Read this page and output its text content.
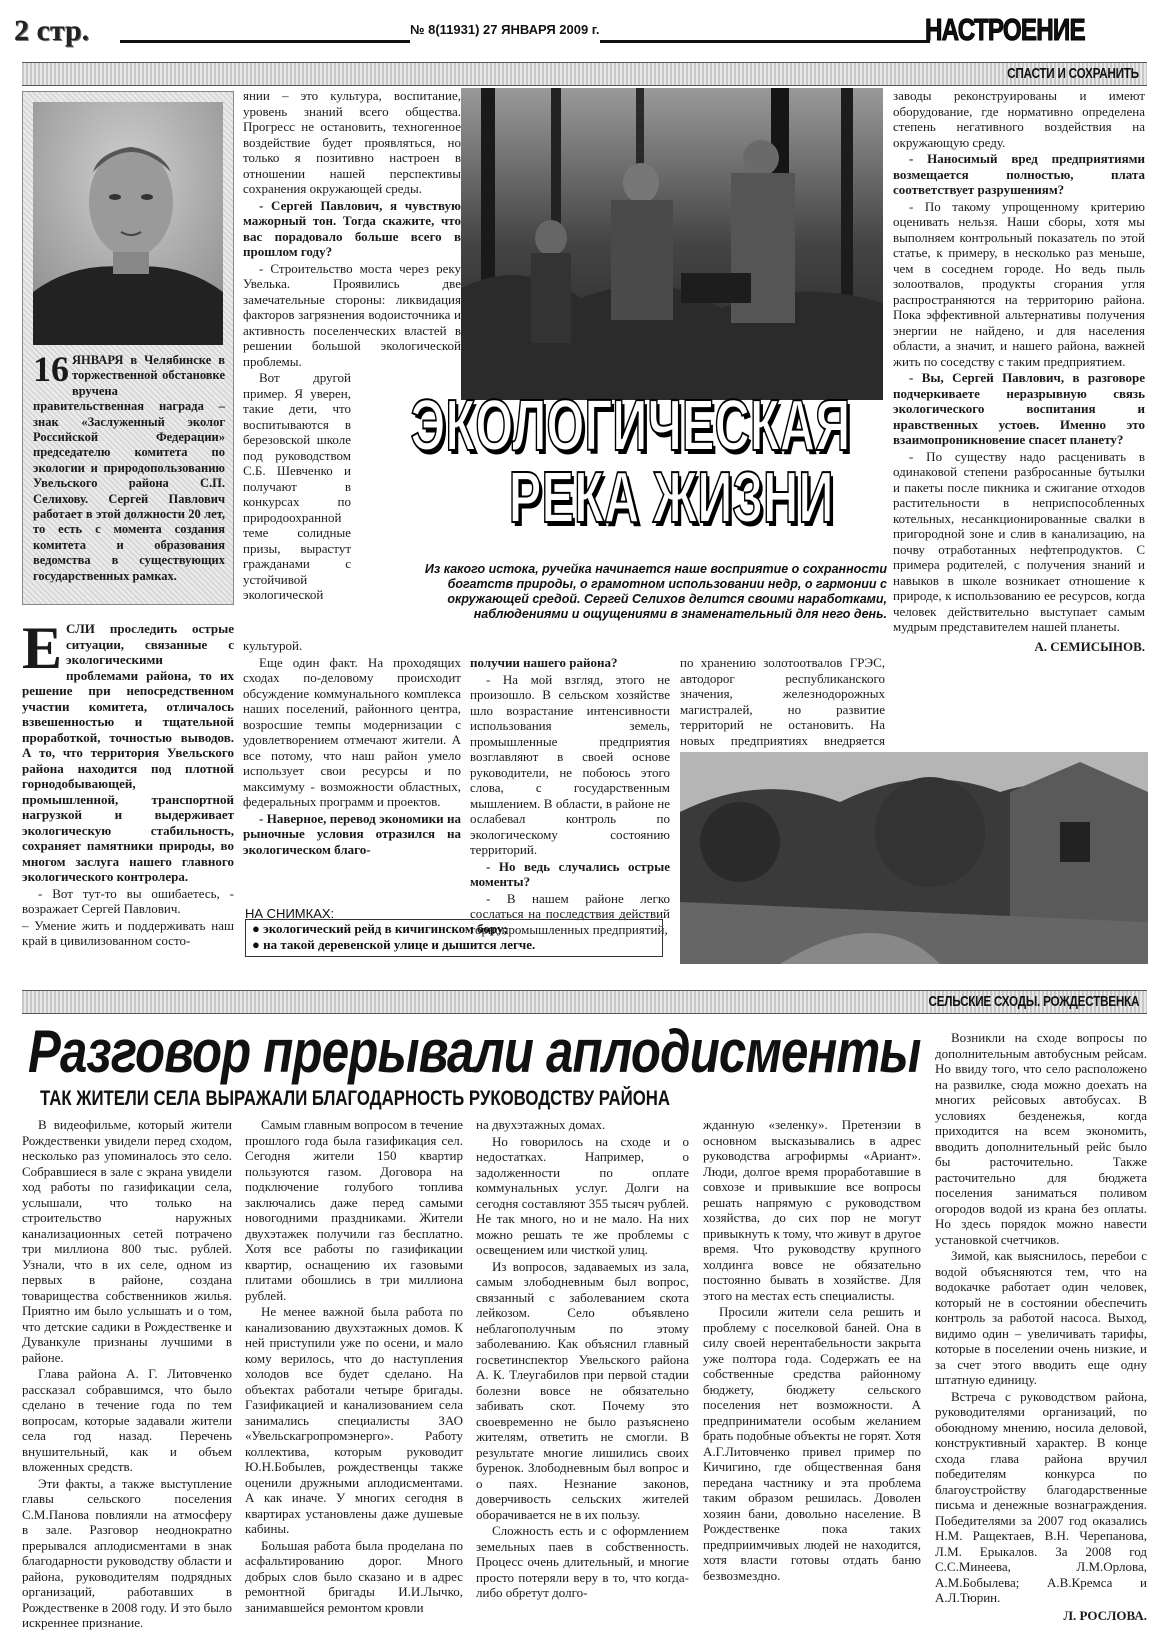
2 стр.	№ 8(11931) 27 ЯНВАРЯ 2009 г.	НАСТРОЕНИЕ
СПАСТИ И СОХРАНИТЬ
16 ЯНВАРЯ в Челябинске в торжественной обстановке вручена правительственная награда – знак «Заслуженный эколог Российской Федерации» председателю комитета по экологии и природопользованию Увельского района С.П. Селихову. Сергей Павлович работает в этой должности 20 лет, то есть с момента создания комитета и образования ведомства в существующих государственных рамках.

ЕСЛИ проследить острые ситуации, связанные с экологическими проблемами района, то их решение при непосредственном участии комитета, отличалось взвешенностью и тщательной проработкой, точностью выводов. А то, что территория Увельского района находится под плотной горнодобывающей, промышленной, транспортной нагрузкой и выдерживает экологическую стабильность, сохраняет памятники природы, во многом заслуга нашего главного экологического контролера.

- Вот тут-то вы ошибаетесь, - возражает Сергей Павлович.

– Умение жить и поддерживать наш край в цивилизованном состо-

янии – это культура, воспитание, уровень знаний всего общества. Прогресс не остановить, техногенное воздействие будет проявляться, но только я позитивно настроен в отношении нашей перспективы сохранения окружающей среды.

- Сергей Павлович, я чувствую мажорный тон. Тогда скажите, что вас порадовало больше всего в прошлом году?

- Строительство моста через реку Увелька. Проявились две замечательные стороны: ликвидация факторов загрязнения водоисточника и активность поселенческих властей в решении большой экологической проблемы.

Вот другой пример. Я уверен, такие дети, что воспитываются в березовской школе под руководством С.Б. Шевченко и получают в конкурсах по природоохранной теме солидные призы, вырастут гражданами с устойчивой экологической

ЭКОЛОГИЧЕСКАЯ
РЕКА ЖИЗНИ
Из какого истока, ручейка начинается наше восприятие о сохранности богатств природы, о грамотном использовании недр, о гармонии с окружающей средой. Сергей Селихов делится своими наработками, наблюдениями и ощущениями в знаменательный для него день.

культурой.

Еще один факт. На проходящих сходах по-деловому происходит обсуждение коммунального комплекса наших поселений, районного центра, возросшие темпы модернизации с удовлетворением отмечают жители. А все потому, что наш район умело использует свои ресурсы и по максимуму - возможности областных, федеральных программ и проектов.

- Наверное, перевод экономики на рыночные условия отразился на экологическом благо-

получии нашего района?

- На мой взгляд, этого не произошло. В сельском хозяйстве шло возрастание интенсивности использования земель, промышленные предприятия возглавляют в своей основе руководители, не побоюсь этого слова, с государственным мышлением. В области, в районе не ослабевал контроль по экологическому состоянию территорий.

- Но ведь случались острые моменты?

- В нашем районе легко сослаться на последствия действий горнопромышленных предприятий,

по хранению золотоотвалов ГРЭС, автодорог республиканского значения, железнодорожных магистралей, но развитие территорий не остановить. На новых предприятиях внедряется

заводы реконструированы и имеют оборудование, где нормативно определена степень негативного воздействия на окружающую среду.

- Наносимый вред предприятиями возмещается полностью, плата соответствует разрушениям?

- По такому упрощенному критерию оценивать нельзя. Наши сборы, хотя мы выполняем контрольный показатель по этой статье, к примеру, в несколько раз меньше, чем в соседнем городе. Но ведь пыль золоотвалов, продукты сгорания угля распространяются на территорию района. Пока эффективной альтернативы получения энергии не найдено, и для населения области, а значит, и нашего района, важней жить по соседству с таким предприятием.

- Вы, Сергей Павлович, в разговоре подчеркиваете неразрывную связь экологического воспитания и нравственных устоев. Именно это взаимопроникновение спасет планету?

- По существу надо расценивать в одинаковой степени разбросанные бутылки и пакеты после пикника и сжигание отходов растительности в неприспособленных котельных, несанкционированные свалки в пригородной зоне и слив в канализацию, на почву отработанных нефтепродуктов. С примера родителей, с получения знаний и навыков в школе возникает отношение к природе, к использованию ее ресурсов, когда человек действительно выступает самым мудрым представителем нашей планеты.

А. СЕМИСЫНОВ.

НА СНИМКАХ:
● экологический рейд в кичигинском бору;
● на такой деревенской улице и дышится легче.
СЕЛЬСКИЕ СХОДЫ. РОЖДЕСТВЕНКА
Разговор прерывали аплодисменты
ТАК ЖИТЕЛИ СЕЛА ВЫРАЖАЛИ БЛАГОДАРНОСТЬ РУКОВОДСТВУ РАЙОНА

В видеофильме, который жители Рождественки увидели перед сходом, несколько раз упоминалось это село. Собравшиеся в зале с экрана увидели ход работы по газификации села, услышали, что только на строительство наружных канализационных сетей потрачено три миллиона 800 тыс. рублей. Узнали, что в их селе, одном из первых в районе, создана товарищества собственников жилья. Приятно им было услышать и о том, что детские садики в Рождественке и Дуванкуле признаны лучшими в районе.

Глава района А. Г. Литовченко рассказал собравшимся, что было сделано в течение года по тем вопросам, которые задавали жители села год назад. Перечень внушительный, как и объем вложенных средств.

Эти факты, а также выступление главы сельского поселения С.М.Панова повлияли на атмосферу в зале. Разговор неоднократно прерывался аплодисментами в знак благодарности руководству области и района, руководителям подрядных организаций, работавших в Рождественке в 2008 году. И это было искреннее признание.

Самым главным вопросом в течение прошлого года была газификация сел. Сегодня жители 150 квартир пользуются газом. Договора на подключение голубого топлива заключались даже перед самыми новогодними праздниками. Жители двухэтажек получили газ бесплатно. Хотя все работы по газификации квартир, оснащению их газовыми плитами обошлись в три миллиона рублей.

Не менее важной была работа по канализованию двухэтажных домов. К ней приступили уже по осени, и мало кому верилось, что до наступления холодов все будет сделано. На объектах работали четыре бригады. Газификацией и канализованием села занимались специалисты ЗАО «Увельскагропромэнерго». Работу коллектива, которым руководит Ю.Н.Бобылев, рождественцы также оценили дружными аплодисментами. А как иначе. У многих сегодня в квартирах установлены даже душевые кабины.

Большая работа была проделана по асфальтированию дорог. Много добрых слов было сказано и в адрес ремонтной бригады И.И.Лычко, занимавшейся ремонтом кровли

на двухэтажных домах.

Но говорилось на сходе и о недостатках. Например, о задолженности по оплате коммунальных услуг. Долги на сегодня составляют 355 тысяч рублей. Не так много, но и не мало. На них можно решать те же проблемы с освещением или чисткой улиц.

Из вопросов, задаваемых из зала, самым злободневным был вопрос, связанный с заболеванием скота лейкозом. Село объявлено неблагополучным по этому заболеванию. Как объяснил главный госветинспектор Увельского района А. К. Тлеугабилов при первой стадии болезни вовсе не обязательно забивать скот. Почему это своевременно не было разъяснено жителям, ответить не смогли. В результате многие лишились своих буренок. Злободневным был вопрос и о паях. Незнание законов, доверчивость сельских жителей оборачивается не в их пользу.

Сложность есть и с оформлением земельных паев в собственность. Процесс очень длительный, и многие просто потеряли веру в то, что когда-либо обретут долго-

жданную «зеленку». Претензии в основном высказывались в адрес руководства агрофирмы «Ариант». Люди, долгое время проработавшие в совхозе и привыкшие все вопросы решать напрямую с руководством хозяйства, до сих пор не могут привыкнуть к тому, что живут в другое время. Что руководству крупного холдинга вовсе не обязательно постоянно бывать в хозяйстве. Для этого на местах есть специалисты.

Просили жители села решить и проблему с поселковой баней. Она в силу своей нерентабельности закрыта уже полтора года. Содержать ее на собственные средства районному бюджету, бюджету сельского поселения нет возможности. А предприниматели особым желанием брать подобные объекты не горят. Хотя А.Г.Литовченко привел пример по Кичигино, где общественная баня передана частнику и эта проблема таким образом решилась. Доволен хозяин бани, довольно население. В Рождественке пока таких предприимчивых людей не находится, хотя власти готовы отдать баню безвозмездно.

Возникли на сходе вопросы по дополнительным автобусным рейсам. Но ввиду того, что село расположено на развилке, сюда можно доехать на многих рейсовых автобусах. В условиях безденежья, когда приходится на всем экономить, вводить дополнительный рейс было бы расточительно. Также расточительно для бюджета поселения заниматься поливом огородов водой из крана без оплаты. Но здесь порядок можно навести установкой счетчиков.

Зимой, как выяснилось, перебои с водой объясняются тем, что на водокачке работает один человек, который не в состоянии обеспечить контроль за работой насоса. Выход, видимо один – увеличивать тарифы, которые в поселении очень низкие, и за счет этого вводить еще одну штатную единицу.

Встреча с руководством района, руководителями организаций, по обоюдному мнению, носила деловой, конструктивный характер. В конце схода глава района вручил победителям конкурса по благоустройству благодарственные письма и денежные вознаграждения. Победителями за 2007 год оказались Н.М. Ращектаев, В.Н. Черепанова, Л.М. Ерыкалов. За 2008 год С.С.Минеева, Л.М.Орлова, А.М.Бобылева; А.В.Кремса и А.Л.Тюрин.

Л. РОСЛОВА.
